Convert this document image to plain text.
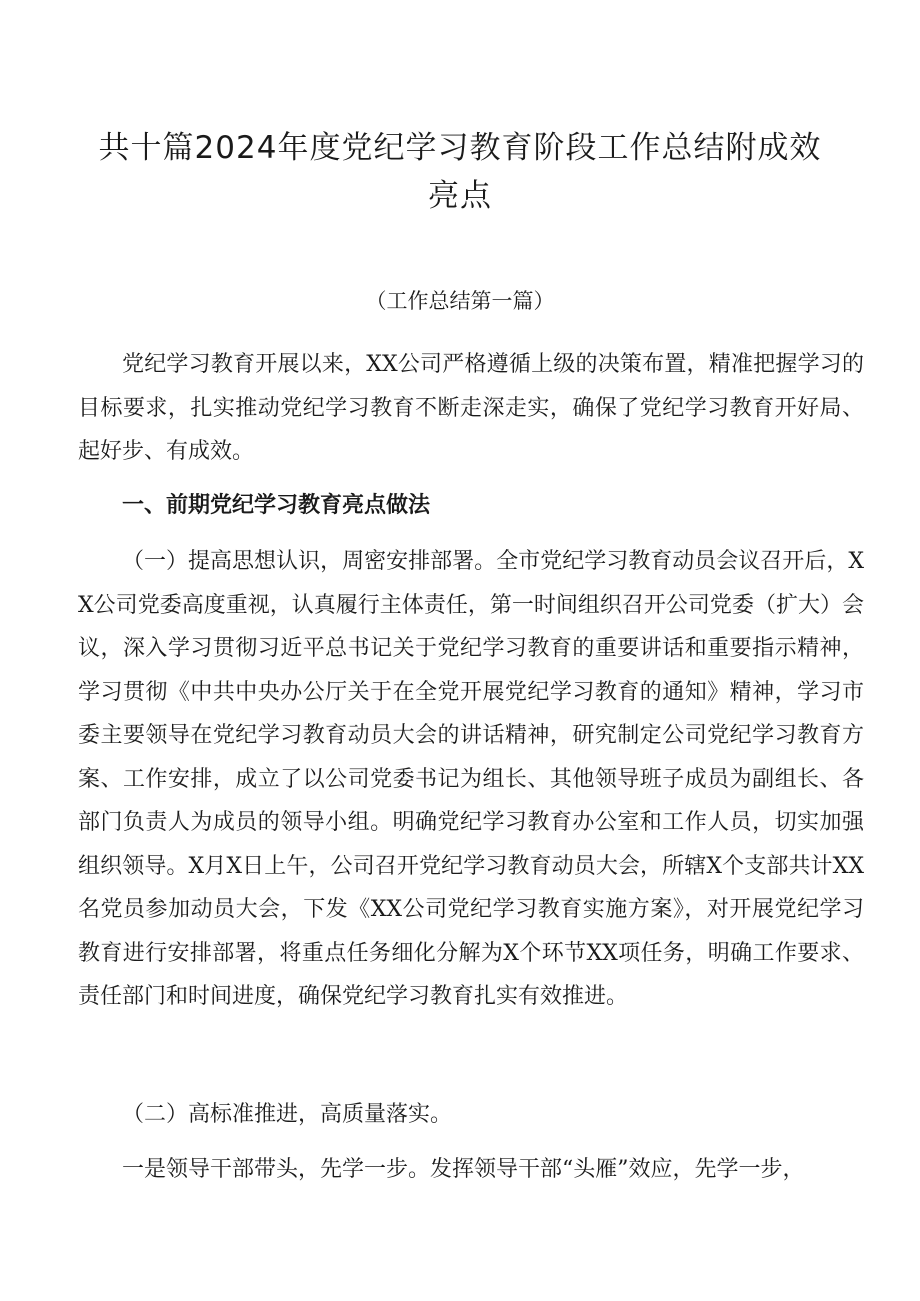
共十篇2024年度党纪学习教育阶段工作总结附成效
亮点

（工作总结第一篇）

党纪学习教育开展以来，XX公司严格遵循上级的决策布置，精准把握学习的目标要求，扎实推动党纪学习教育不断走深走实，确保了党纪学习教育开好局、起好步、有成效。

一、前期党纪学习教育亮点做法

（一）提高思想认识，周密安排部署。全市党纪学习教育动员会议召开后，XX公司党委高度重视，认真履行主体责任，第一时间组织召开公司党委（扩大）会议，深入学习贯彻习近平总书记关于党纪学习教育的重要讲话和重要指示精神，学习贯彻《中共中央办公厅关于在全党开展党纪学习教育的通知》精神，学习市委主要领导在党纪学习教育动员大会的讲话精神，研究制定公司党纪学习教育方案、工作安排，成立了以公司党委书记为组长、其他领导班子成员为副组长、各部门负责人为成员的领导小组。明确党纪学习教育办公室和工作人员，切实加强组织领导。X月X日上午，公司召开党纪学习教育动员大会，所辖X个支部共计XX名党员参加动员大会，下发《XX公司党纪学习教育实施方案》，对开展党纪学习教育进行安排部署，将重点任务细化分解为X个环节XX项任务，明确工作要求、责任部门和时间进度，确保党纪学习教育扎实有效推进。

（二）高标准推进，高质量落实。

一是领导干部带头，先学一步。发挥领导干部“头雁”效应，先学一步，
